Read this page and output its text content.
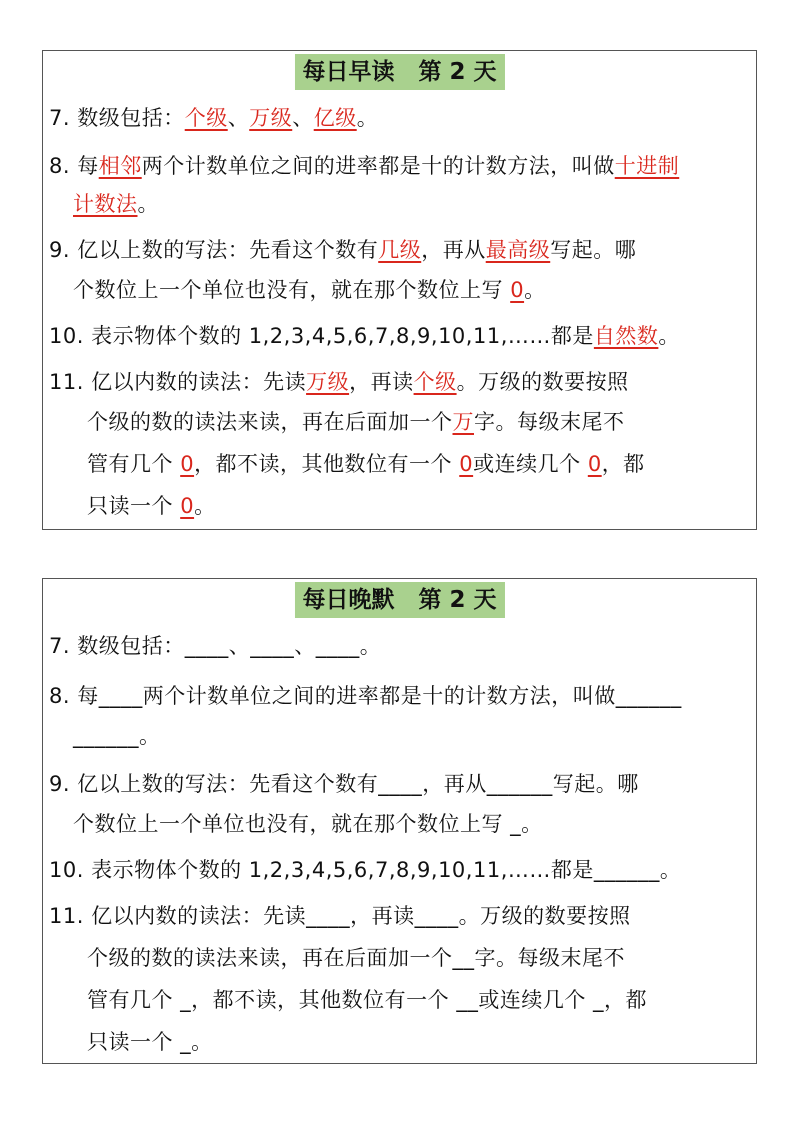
每日早读   第 2 天
7. 数级包括：个级、万级、亿级。
8. 每相邻两个计数单位之间的进率都是十的计数方法，叫做十进制
计数法。
9. 亿以上数的写法：先看这个数有几级，再从最高级写起。哪
个数位上一个单位也没有，就在那个数位上写 0。
10. 表示物体个数的 1,2,3,4,5,6,7,8,9,10,11,……都是自然数。
11. 亿以内数的读法：先读万级，再读个级。万级的数要按照
个级的数的读法来读，再在后面加一个万字。每级末尾不
管有几个 0，都不读，其他数位有一个 0或连续几个 0，都
只读一个 0。
每日晚默   第 2 天
7. 数级包括：____、____、____。
8. 每____两个计数单位之间的进率都是十的计数方法，叫做______
______。
9. 亿以上数的写法：先看这个数有____，再从______写起。哪
个数位上一个单位也没有，就在那个数位上写 _。
10. 表示物体个数的 1,2,3,4,5,6,7,8,9,10,11,……都是______。
11. 亿以内数的读法：先读____，再读____。万级的数要按照
个级的数的读法来读，再在后面加一个__字。每级末尾不
管有几个 _，都不读，其他数位有一个 __或连续几个 _，都
只读一个 _。
